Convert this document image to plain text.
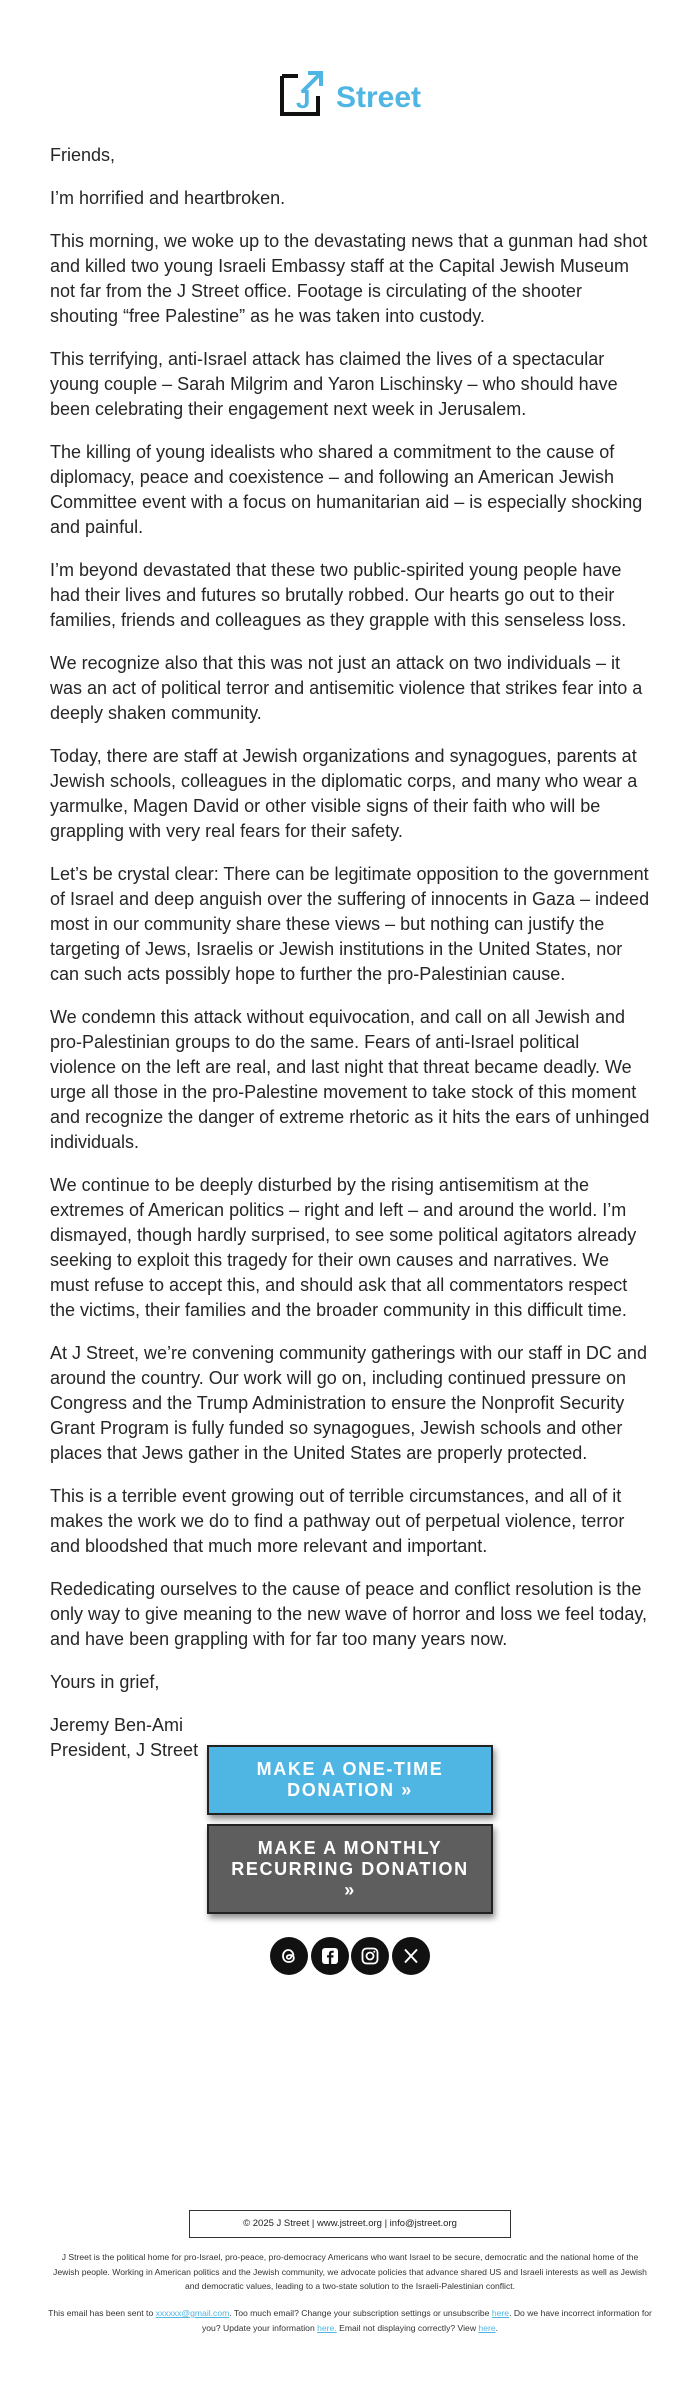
J Street

Friends,

I’m horrified and heartbroken.

This morning, we woke up to the devastating news that a gunman had shot and killed two young Israeli Embassy staff at the Capital Jewish Museum not far from the J Street office. Footage is circulating of the shooter shouting “free Palestine” as he was taken into custody.

This terrifying, anti-Israel attack has claimed the lives of a spectacular young couple – Sarah Milgrim and Yaron Lischinsky – who should have been celebrating their engagement next week in Jerusalem.

The killing of young idealists who shared a commitment to the cause of diplomacy, peace and coexistence – and following an American Jewish Committee event with a focus on humanitarian aid – is especially shocking and painful.

I’m beyond devastated that these two public-spirited young people have had their lives and futures so brutally robbed. Our hearts go out to their families, friends and colleagues as they grapple with this senseless loss.

We recognize also that this was not just an attack on two individuals – it was an act of political terror and antisemitic violence that strikes fear into a deeply shaken community.

Today, there are staff at Jewish organizations and synagogues, parents at Jewish schools, colleagues in the diplomatic corps, and many who wear a yarmulke, Magen David or other visible signs of their faith who will be grappling with very real fears for their safety.

Let’s be crystal clear: There can be legitimate opposition to the government of Israel and deep anguish over the suffering of innocents in Gaza – indeed most in our community share these views – but nothing can justify the targeting of Jews, Israelis or Jewish institutions in the United States, nor can such acts possibly hope to further the pro-Palestinian cause.

We condemn this attack without equivocation, and call on all Jewish and pro-Palestinian groups to do the same. Fears of anti-Israel political violence on the left are real, and last night that threat became deadly. We urge all those in the pro-Palestine movement to take stock of this moment and recognize the danger of extreme rhetoric as it hits the ears of unhinged individuals.

We continue to be deeply disturbed by the rising antisemitism at the extremes of American politics – right and left – and around the world. I’m dismayed, though hardly surprised, to see some political agitators already seeking to exploit this tragedy for their own causes and narratives. We must refuse to accept this, and should ask that all commentators respect the victims, their families and the broader community in this difficult time.

At J Street, we’re convening community gatherings with our staff in DC and around the country. Our work will go on, including continued pressure on Congress and the Trump Administration to ensure the Nonprofit Security Grant Program is fully funded so synagogues, Jewish schools and other places that Jews gather in the United States are properly protected.

This is a terrible event growing out of terrible circumstances, and all of it makes the work we do to find a pathway out of perpetual violence, terror and bloodshed that much more relevant and important.

Rededicating ourselves to the cause of peace and conflict resolution is the only way to give meaning to the new wave of horror and loss we feel today, and have been grappling with for far too many years now.

Yours in grief,

Jeremy Ben-Ami

President, J Street

MAKE A ONE-TIME DONATION »
MAKE A MONTHLY RECURRING DONATION »
© 2025 J Street | www.jstreet.org | info@jstreet.org
J Street is the political home for pro-Israel, pro-peace, pro-democracy Americans who want Israel to be secure, democratic and the national home of the Jewish people. Working in American politics and the Jewish community, we advocate policies that advance shared US and Israeli interests as well as Jewish and democratic values, leading to a two-state solution to the Israeli-Palestinian conflict.
This email has been sent to xxxxxx@gmail.com. Too much email? Change your subscription settings or unsubscribe here. Do we have incorrect information for you? Update your information here. Email not displaying correctly? View here.
